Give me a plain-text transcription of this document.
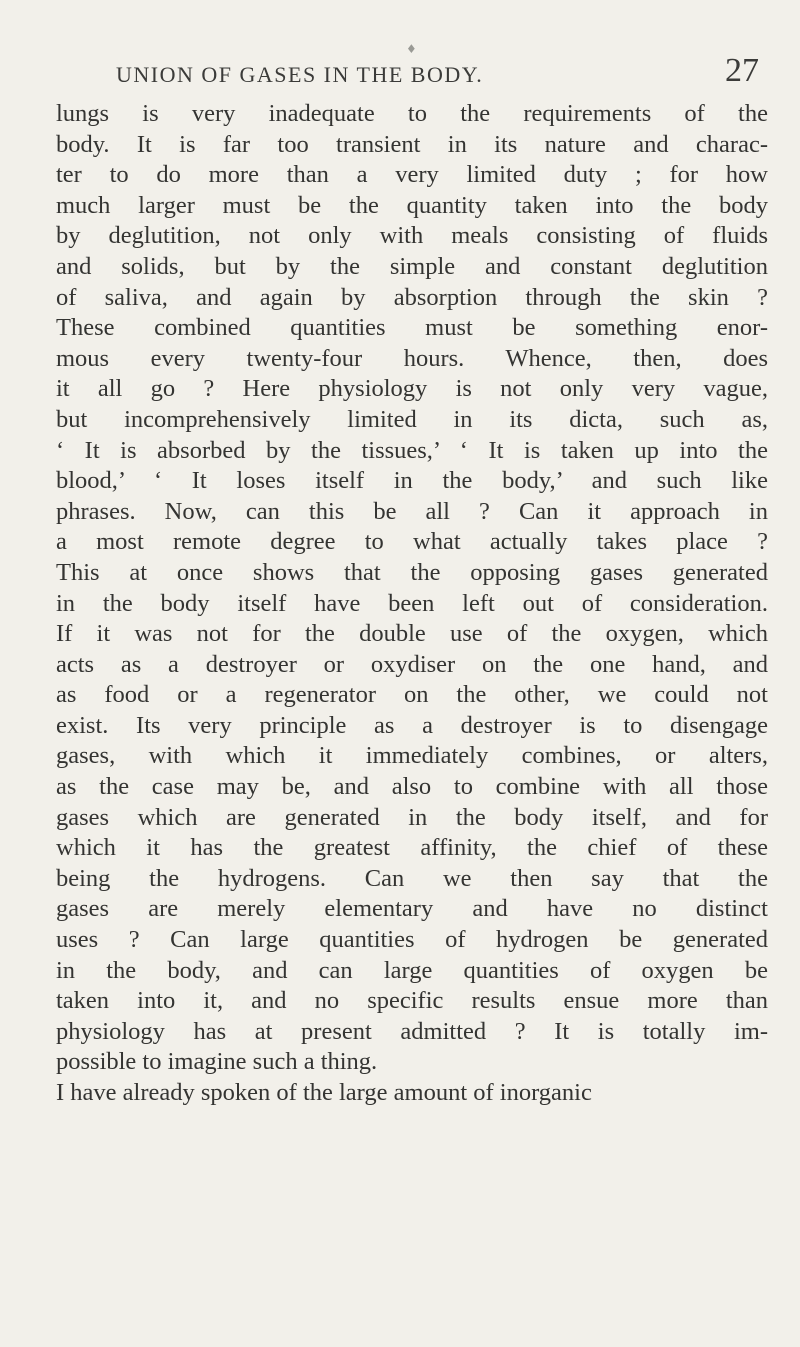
♦
UNION OF GASES IN THE BODY.	27
lungs is very inadequate to the requirements of the
body. It is far too transient in its nature and charac-
ter to do more than a very limited duty ; for how
much larger must be the quantity taken into the body
by deglutition, not only with meals consisting of fluids
and solids, but by the simple and constant deglutition
of saliva, and again by absorption through the skin ?
These combined quantities must be something enor-
mous every twenty-four hours. Whence, then, does
it all go ? Here physiology is not only very vague,
but incomprehensively limited in its dicta, such as,
‘ It is absorbed by the tissues,’ ‘ It is taken up into the
blood,’ ‘ It loses itself in the body,’ and such like
phrases. Now, can this be all ? Can it approach in
a most remote degree to what actually takes place ?
This at once shows that the opposing gases generated
in the body itself have been left out of consideration.
If it was not for the double use of the oxygen, which
acts as a destroyer or oxydiser on the one hand, and
as food or a regenerator on the other, we could not
exist. Its very principle as a destroyer is to disengage
gases, with which it immediately combines, or alters,
as the case may be, and also to combine with all those
gases which are generated in the body itself, and for
which it has the greatest affinity, the chief of these
being the hydrogens. Can we then say that the
gases are merely elementary and have no distinct
uses ? Can large quantities of hydrogen be generated
in the body, and can large quantities of oxygen be
taken into it, and no specific results ensue more than
physiology has at present admitted ? It is totally im-
possible to imagine such a thing.
I have already spoken of the large amount of inorganic
